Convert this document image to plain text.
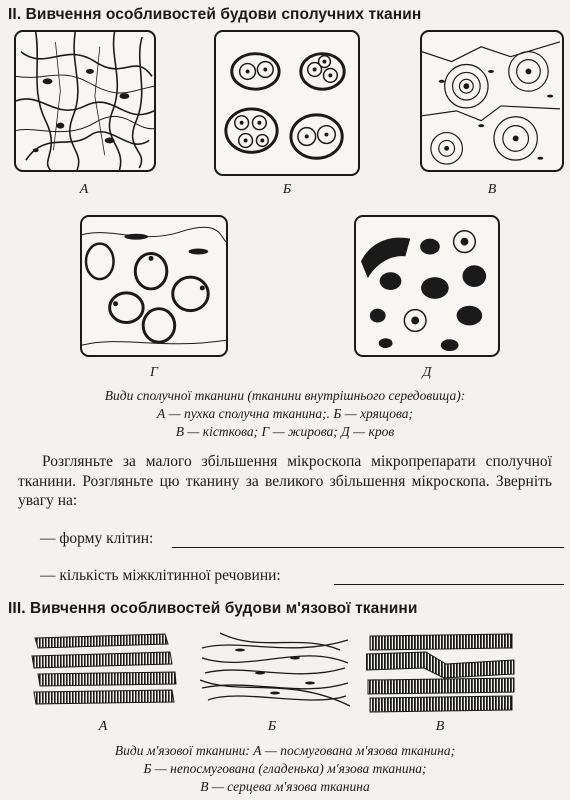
ІІ. Вивчення особливостей будови сполучних тканин
А	Б	В
Г	Д
Види сполучної тканини (тканини внутрішнього середовища):
А — пухка сполучна тканина;. Б — хрящова;
В — кісткова; Г — жирова; Д — кров
Розгляньте за малого збільшення мікроскопа мікропрепарати сполучної тканини. Розгляньте цю тканину за великого збільшення мікроскопа. Зверніть увагу на:
— форму клітин:
— кількість міжклітинної речовини:
ІІІ. Вивчення особливостей будови м'язової тканини
А	Б	В
Види м'язової тканини: А — посмугована м'язова тканина;
Б — непосмугована (гладенька) м'язова тканина;
В — серцева м'язова тканина
